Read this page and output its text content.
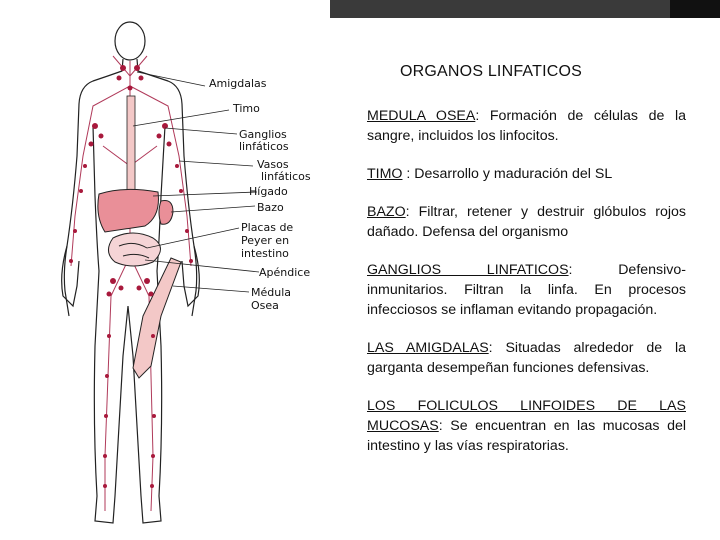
Amigdalas
Timo
Ganglios
linfáticos
Vasos
linfáticos
Hígado
Bazo
Placas de
Peyer en
intestino
Apéndice
Médula
Osea
ORGANOS LINFATICOS

MEDULA OSEA: Formación de células de la sangre, incluidos los linfocitos.

TIMO : Desarrollo y maduración del SL

BAZO: Filtrar, retener y destruir glóbulos rojos dañado. Defensa del organismo

GANGLIOS LINFATICOS: Defensivo- inmunitarios. Filtran la linfa. En procesos infecciosos se inflaman evitando propagación.

LAS AMIGDALAS: Situadas alrededor de la garganta desempeñan funciones defensivas.

LOS FOLICULOS LINFOIDES DE LAS MUCOSAS: Se encuentran en las mucosas del intestino y las vías respiratorias.
